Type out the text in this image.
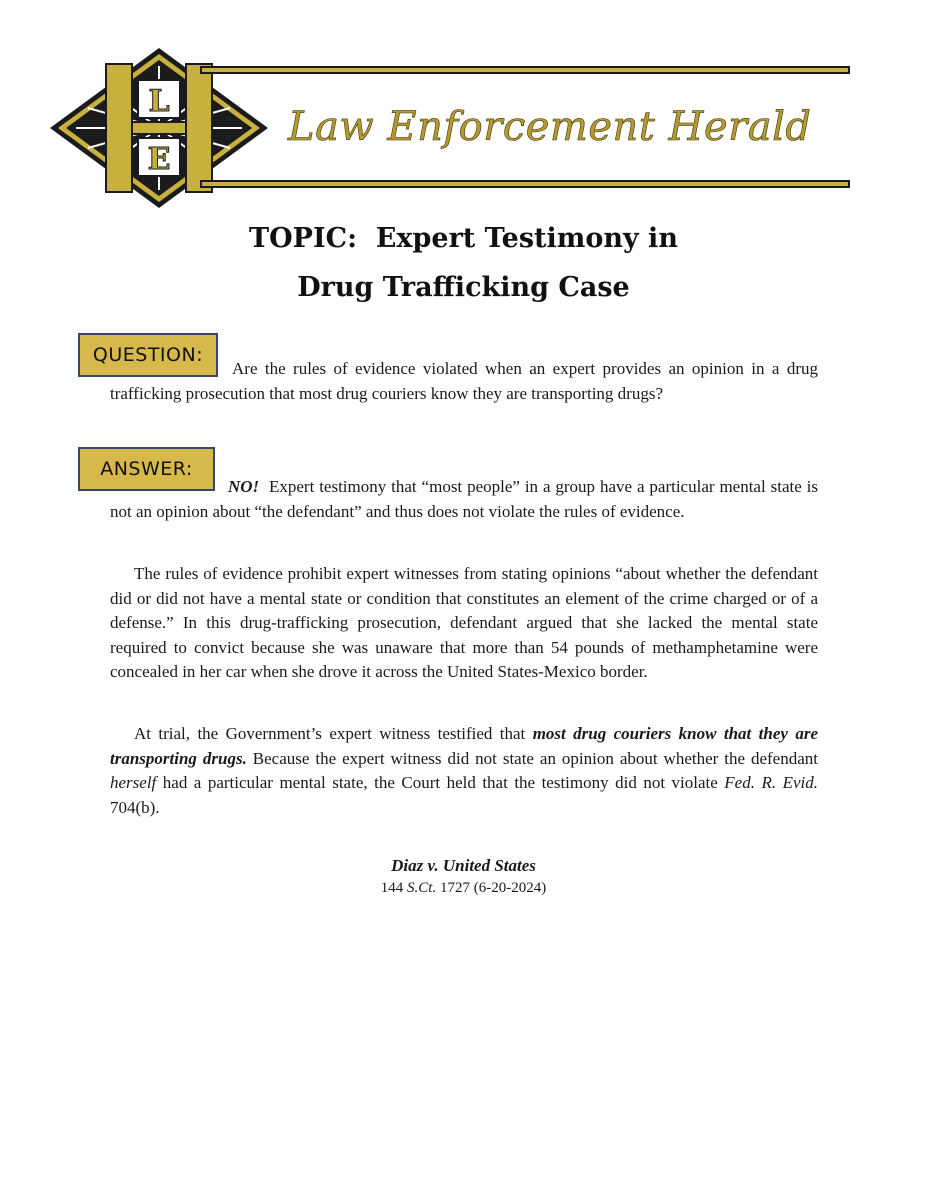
L
E
Law Enforcement Herald
TOPIC:  Expert Testimony in
Drug Trafficking Case
QUESTION:
Are the rules of evidence violated when an expert provides an opinion in a drug trafficking prosecution that most drug couriers know they are transporting drugs?
ANSWER:
NO! Expert testimony that “most people” in a group have a particular mental state is not an opinion about “the defendant” and thus does not violate the rules of evidence.
The rules of evidence prohibit expert witnesses from stating opinions “about whether the defendant did or did not have a mental state or condition that constitutes an element of the crime charged or of a defense.” In this drug-trafficking prosecution, defendant argued that she lacked the mental state required to convict because she was unaware that more than 54 pounds of methamphetamine were concealed in her car when she drove it across the United States-Mexico border.
At trial, the Government’s expert witness testified that most drug couriers know that they are transporting drugs. Because the expert witness did not state an opinion about whether the defendant herself had a particular mental state, the Court held that the testimony did not violate Fed. R. Evid. 704(b).
Diaz v. United States
144 S.Ct. 1727 (6-20-2024)
